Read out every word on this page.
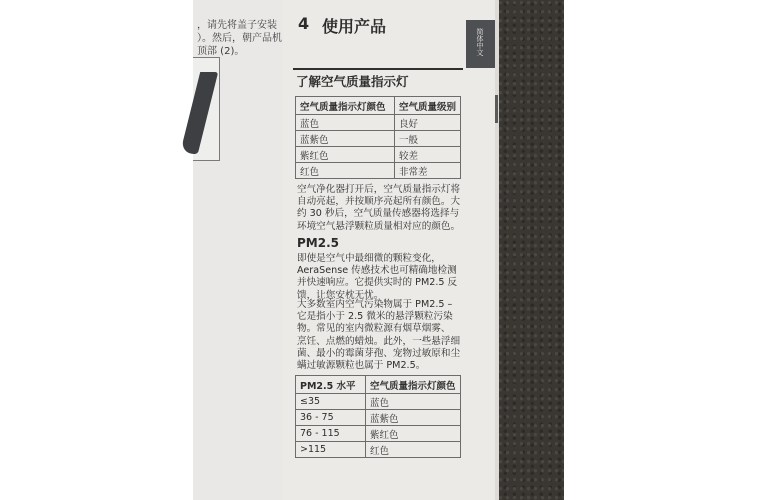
，请先将盖子安装
）。然后，朝产品机
顶部 (2)。
4 使用产品
简体中文
了解空气质量指示灯
空气质量指示灯颜色	空气质量级别
蓝色	良好
蓝紫色	一般
紫红色	较差
红色	非常差
空气净化器打开后，空气质量指示灯将
自动亮起，并按顺序亮起所有颜色。大
约 30 秒后，空气质量传感器将选择与
环境空气悬浮颗粒质量相对应的颜色。
PM2.5
即使是空气中最细微的颗粒变化，
AeraSense 传感技术也可精确地检测
并快速响应。它提供实时的 PM2.5 反
馈，让您安枕无忧。
大多数室内空气污染物属于 PM2.5 –
它是指小于 2.5 微米的悬浮颗粒污染
物。常见的室内微粒源有烟草烟雾、
烹饪、点燃的蜡烛。此外，一些悬浮细
菌、最小的霉菌芽孢、宠物过敏原和尘
螨过敏源颗粒也属于 PM2.5。
PM2.5 水平	空气质量指示灯颜色
≤35	蓝色
36 - 75	蓝紫色
76 - 115	紫红色
>115	红色
